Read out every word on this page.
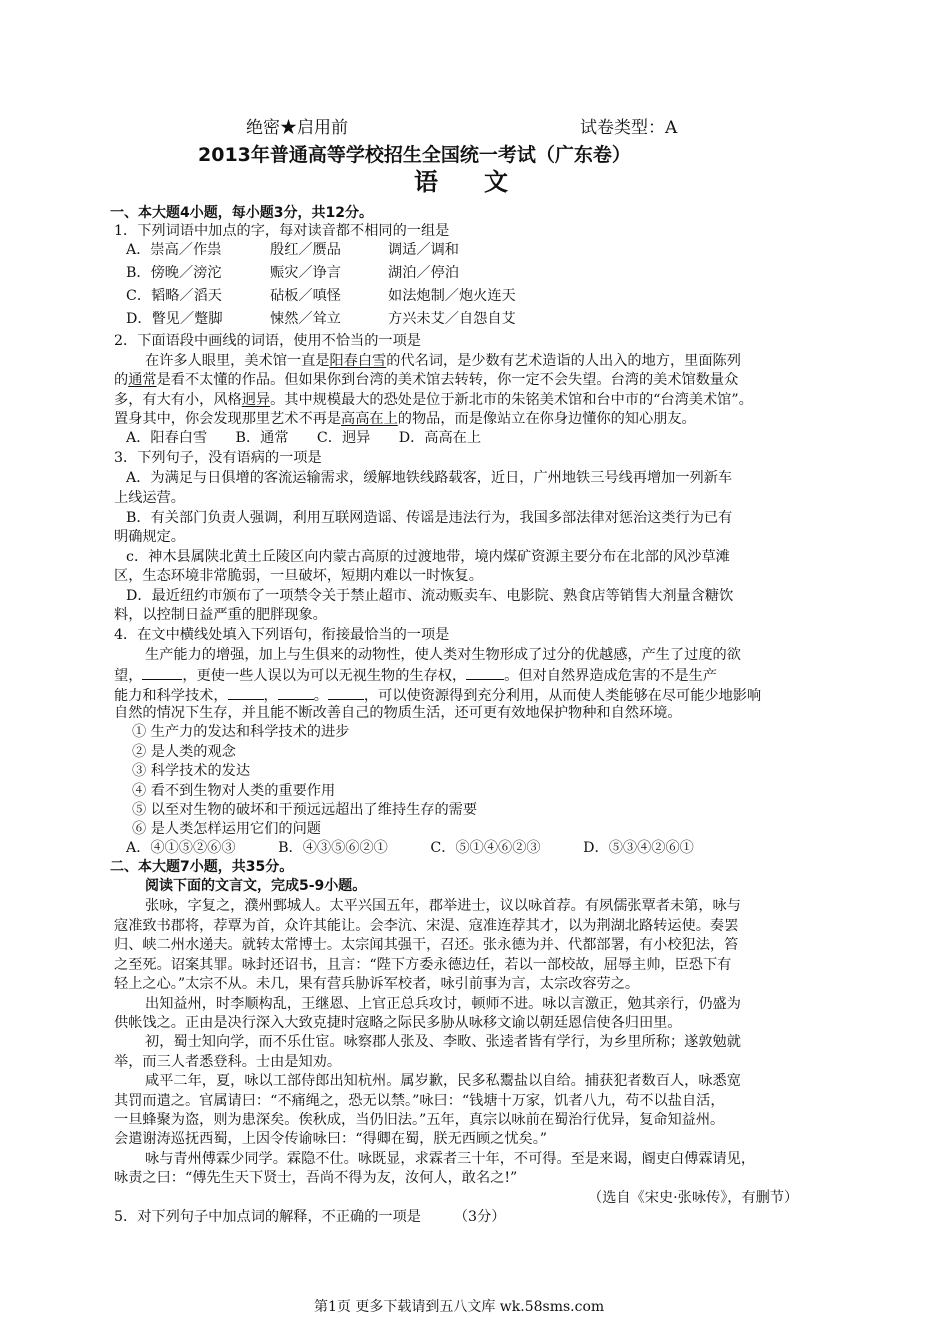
绝密★启用前	试卷类型：A
2013年普通高等学校招生全国统一考试（广东卷）
语文
一、本大题4小题，每小题3分，共12分。
1．下列词语中加点的字，每对读音都不相同的一组是
A．崇高／作祟	殷红／赝品	调适／调和
B．傍晚／滂沱	赈灾／诤言	湖泊／停泊
C．韬略／滔天	砧板／嗔怪	如法炮制／炮火连天
D．瞥见／蹩脚	悚然／耸立	方兴未艾／自怨自艾
2．下面语段中画线的词语，使用不恰当的一项是
在许多人眼里，美术馆一直是阳春白雪的代名词，是少数有艺术造诣的人出入的地方，里面陈列
的通常是看不太懂的作品。但如果你到台湾的美术馆去转转，你一定不会失望。台湾的美术馆数量众
多，有大有小，风格迥异。其中规模最大的恐处是位于新北市的朱铭美术馆和台中市的“台湾美术馆”。
置身其中，你会发现那里艺术不再是高高在上的物品，而是像站立在你身边懂你的知心朋友。
A．阳春白雪　　B．通常　　C．迥异　　D．高高在上
3．下列句子，没有语病的一项是
A．为满足与日俱增的客流运输需求，缓解地铁线路载客，近日，广州地铁三号线再增加一列新车
上线运营。
B．有关部门负责人强调，利用互联网造谣、传谣是违法行为，我国多部法律对惩治这类行为已有
明确规定。
c．神木县属陕北黄土丘陵区向内蒙古高原的过渡地带，境内煤矿资源主要分布在北部的风沙草滩
区，生态环境非常脆弱，一旦破坏，短期内难以一时恢复。
D．最近纽约市颁布了一项禁令关于禁止超市、流动贩卖车、电影院、熟食店等销售大剂量含糖饮
料，以控制日益严重的肥胖现象。
4．在文中横线处填入下列语句，衔接最恰当的一项是
生产能力的增强，加上与生俱来的动物性，使人类对生物形成了过分的优越感，产生了过度的欲
望，	，更使一些人误以为可以无视生物的生存权，	。但对自然界造成危害的不是生产
能力和科学技术，	，	。	，可以使资源得到充分利用，从而使人类能够在尽可能少地影响
自然的情况下生存，并且能不断改善自己的物质生活，还可更有效地保护物种和自然环境。
① 生产力的发达和科学技术的进步
② 是人类的观念
③ 科学技术的发达
④ 看不到生物对人类的重要作用
⑤ 以至对生物的破坏和干预远远超出了维持生存的需要
⑥ 是人类怎样运用它们的问题
A．④①⑤②⑥③　　　B．④③⑤⑥②①　　　C．⑤①④⑥②③　　　D．⑤③④②⑥①
二、本大题7小题，共35分。
阅读下面的文言文，完成5-9小题。
张咏，字复之，濮州鄄城人。太平兴国五年，郡举进士，议以咏首荐。有夙儒张覃者未第，咏与
寇准致书郡将，荐覃为首，众许其能让。会李沆、宋湜、寇准连荐其才，以为荆湖北路转运使。奏罢
归、峡二州水递夫。就转太常博士。太宗闻其强干，召还。张永德为并、代都部署，有小校犯法，笞
之至死。诏案其罪。咏封还诏书，且言：“陛下方委永德边任，若以一部校故，屈辱主帅，臣恐下有
轻上之心。”太宗不从。未几，果有营兵胁诉军校者，咏引前事为言，太宗改容劳之。
出知益州，时李顺构乱，王继恩、上官正总兵攻讨，顿师不进。咏以言激正，勉其亲行，仍盛为
供帐饯之。正由是决行深入大致克捷时寇略之际民多胁从咏移文谕以朝廷恩信使各归田里。
初，蜀士知向学，而不乐仕宦。咏察郡人张及、李畋、张逵者皆有学行，为乡里所称；遂敦勉就
举，而三人者悉登科。士由是知劝。
咸平二年，夏，咏以工部侍郎出知杭州。属岁歉，民多私鬻盐以自给。捕获犯者数百人，咏悉宽
其罚而遣之。官属请曰：“不痛绳之，恐无以禁。”咏曰：“钱塘十万家，饥者八九，苟不以盐自活，
一旦蜂聚为盗，则为患深矣。俟秋成，当仍旧法。”五年，真宗以咏前在蜀治行优异，复命知益州。
会遣谢涛巡抚西蜀，上因令传谕咏曰：“得卿在蜀，朕无西顾之忧矣。”
咏与青州傅霖少同学。霖隐不仕。咏既显，求霖者三十年，不可得。至是来谒，阍吏白傅霖请见，
咏责之曰：“傅先生天下贤士，吾尚不得为友，汝何人，敢名之!”
（选自《宋史·张咏传》，有删节）
5．对下列句子中加点词的解释，不正确的一项是　　 （3分）
第1页 更多下载请到五八文库 wk.58sms.com
